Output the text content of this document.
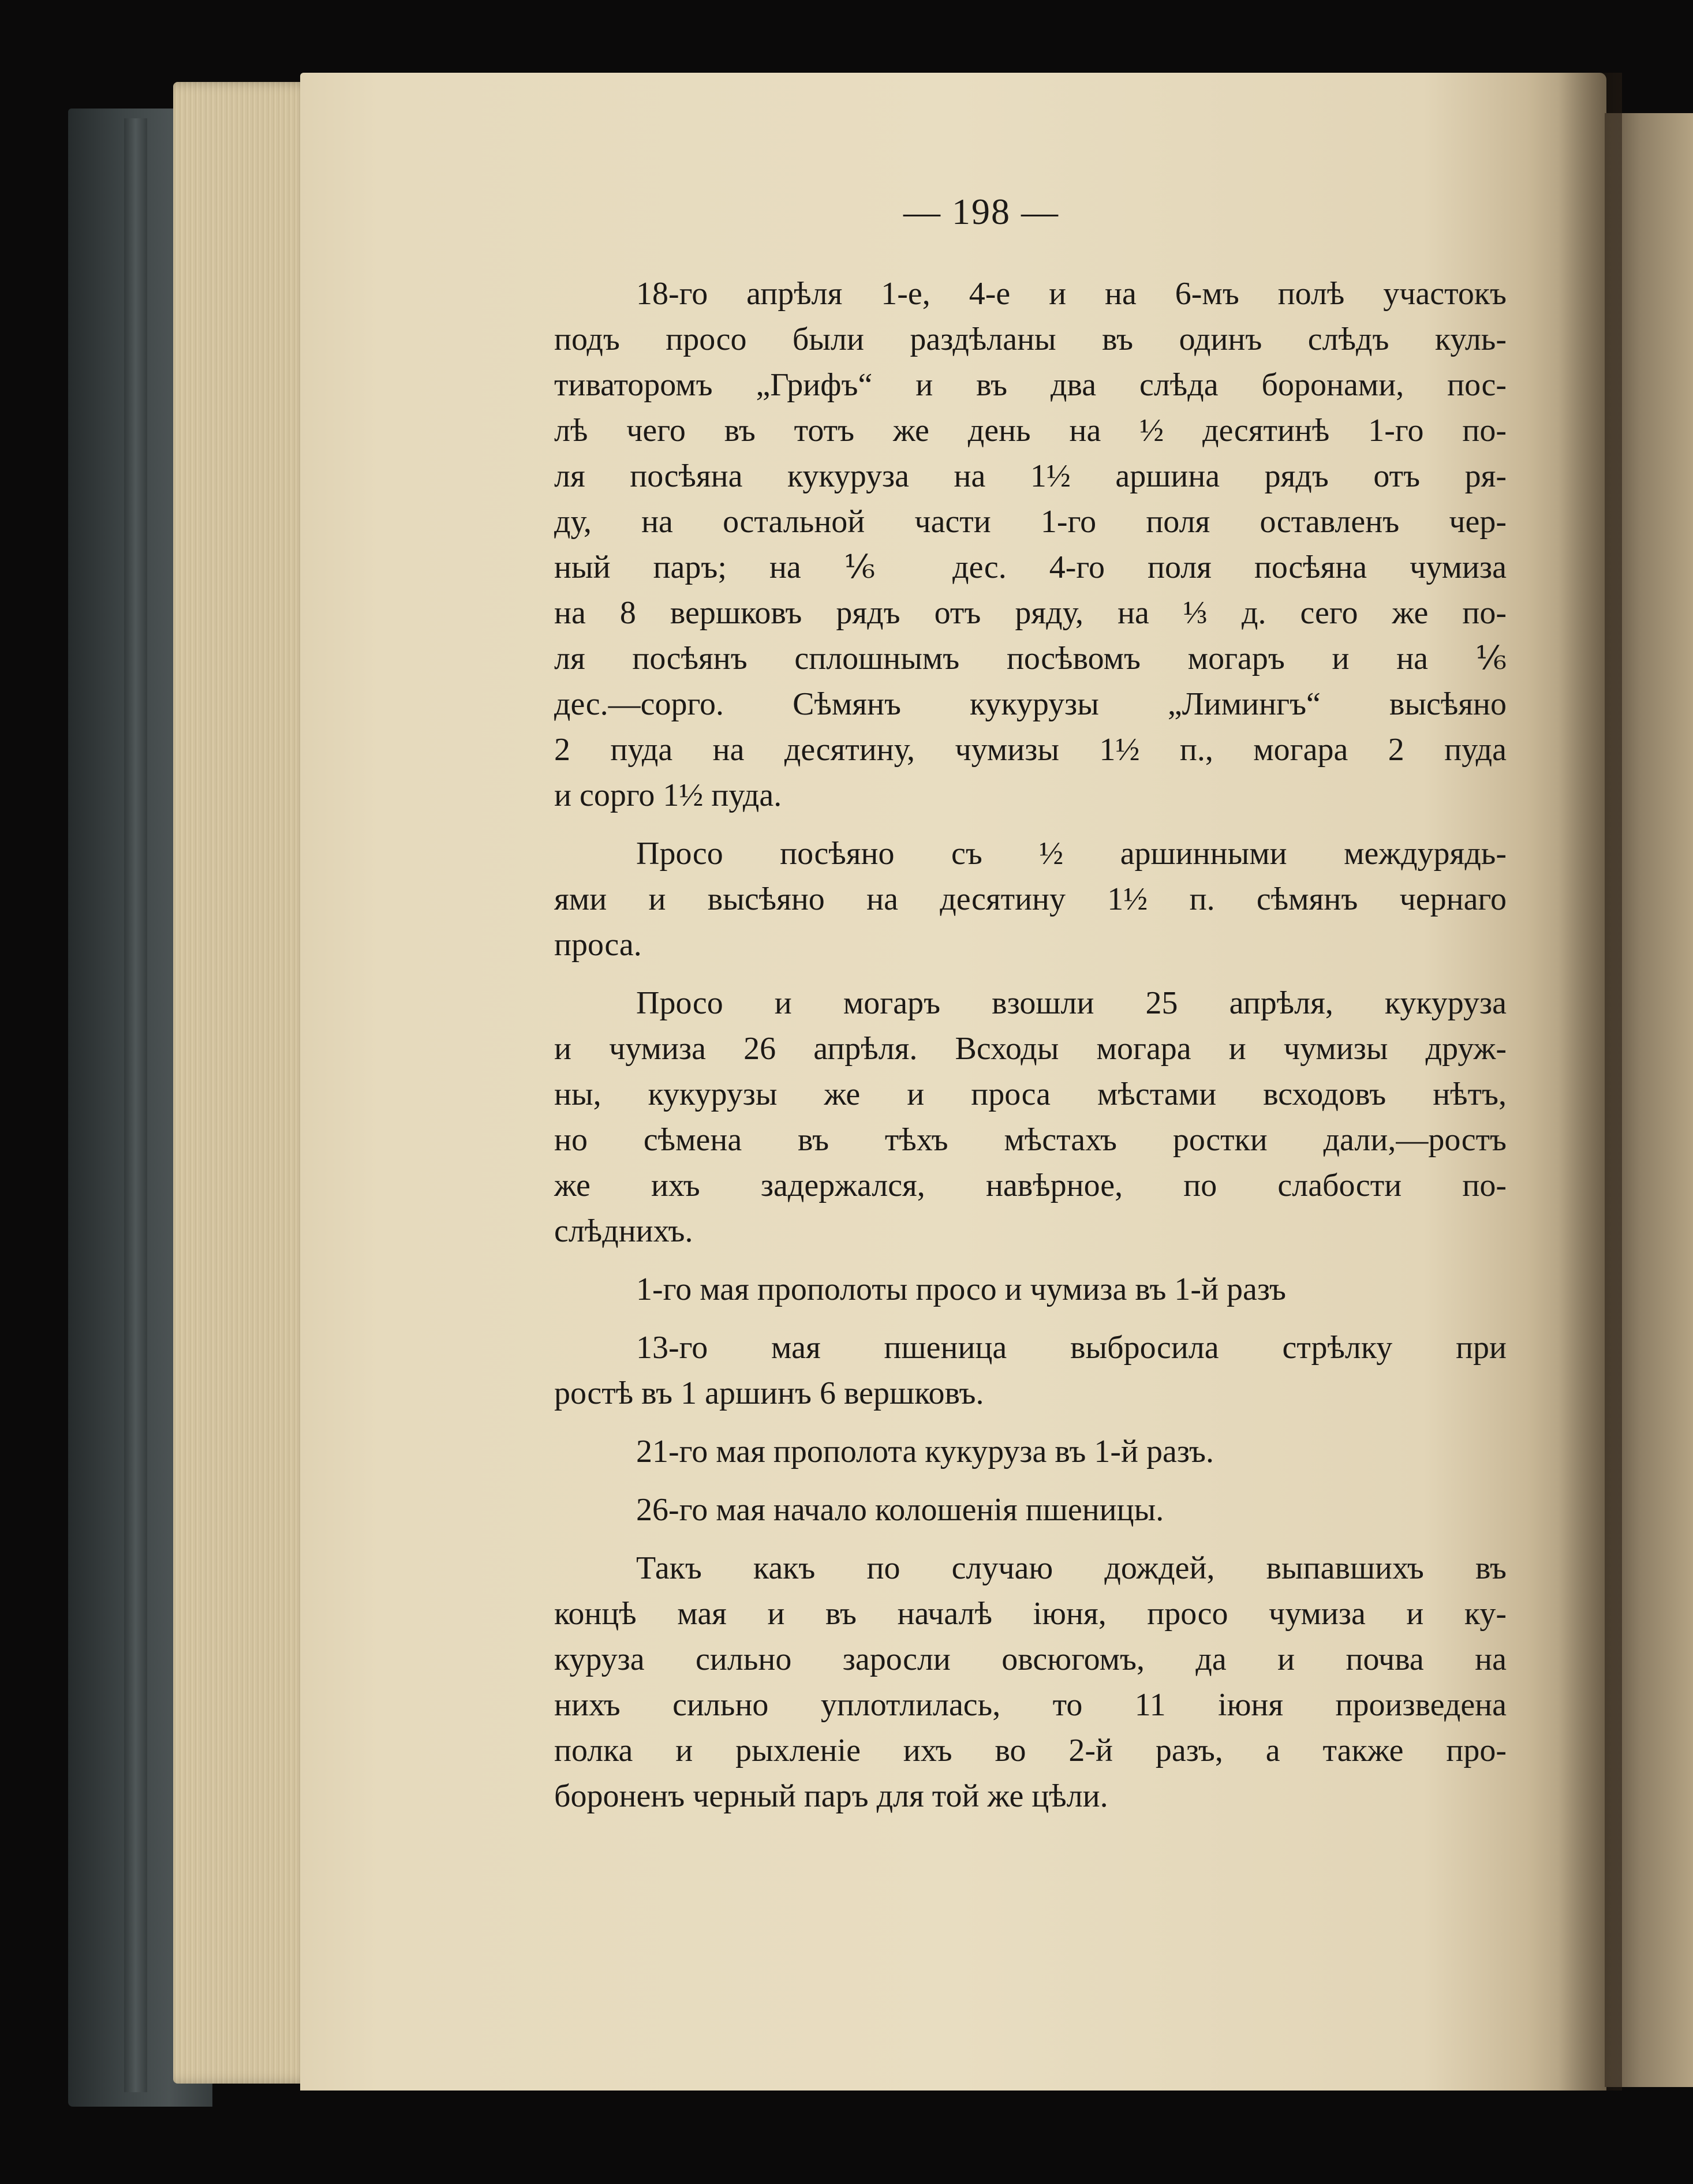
— 198 —
18-го апрѣля 1-е, 4-е и на 6-мъ полѣ участокъ
подъ просо были раздѣланы въ одинъ слѣдъ куль-
тиваторомъ „Грифъ“ и въ два слѣда боронами, пос-
лѣ чего въ тотъ же день на ½ десятинѣ 1-го по-
ля посѣяна кукуруза на 1½ аршина рядъ отъ ря-
ду, на остальной части 1-го поля оставленъ чер-
ный паръ; на ⅙ дес. 4-го поля посѣяна чумиза
на 8 вершковъ рядъ отъ ряду, на ⅓ д. сего же по-
ля посѣянъ сплошнымъ посѣвомъ могаръ и на ⅙
дес.—сорго. Сѣмянъ кукурузы „Лимингъ“ высѣяно
2 пуда на десятину, чумизы 1½ п., могара 2 пуда
и сорго 1½ пуда.
Просо посѣяно съ ½ аршинными междурядь-
ями и высѣяно на десятину 1½ п. сѣмянъ чернаго
проса.
Просо и могаръ взошли 25 апрѣля, кукуруза
и чумиза 26 апрѣля. Всходы могара и чумизы друж-
ны, кукурузы же и проса мѣстами всходовъ нѣтъ,
но сѣмена въ тѣхъ мѣстахъ ростки дали,—ростъ
же ихъ задержался, навѣрное, по слабости по-
слѣднихъ.
1-го мая прополоты просо и чумиза въ 1-й разъ
13-го мая пшеница выбросила стрѣлку при
ростѣ въ 1 аршинъ 6 вершковъ.
21-го мая прополота кукуруза въ 1-й разъ.
26-го мая начало колошенія пшеницы.
Такъ какъ по случаю дождей, выпавшихъ въ
концѣ мая и въ началѣ іюня, просо чумиза и ку-
куруза сильно заросли овсюгомъ, да и почва на
нихъ сильно уплотлилась, то 11 іюня произведена
полка и рыхленіе ихъ во 2-й разъ, а также про-
бороненъ черный паръ для той же цѣли.
